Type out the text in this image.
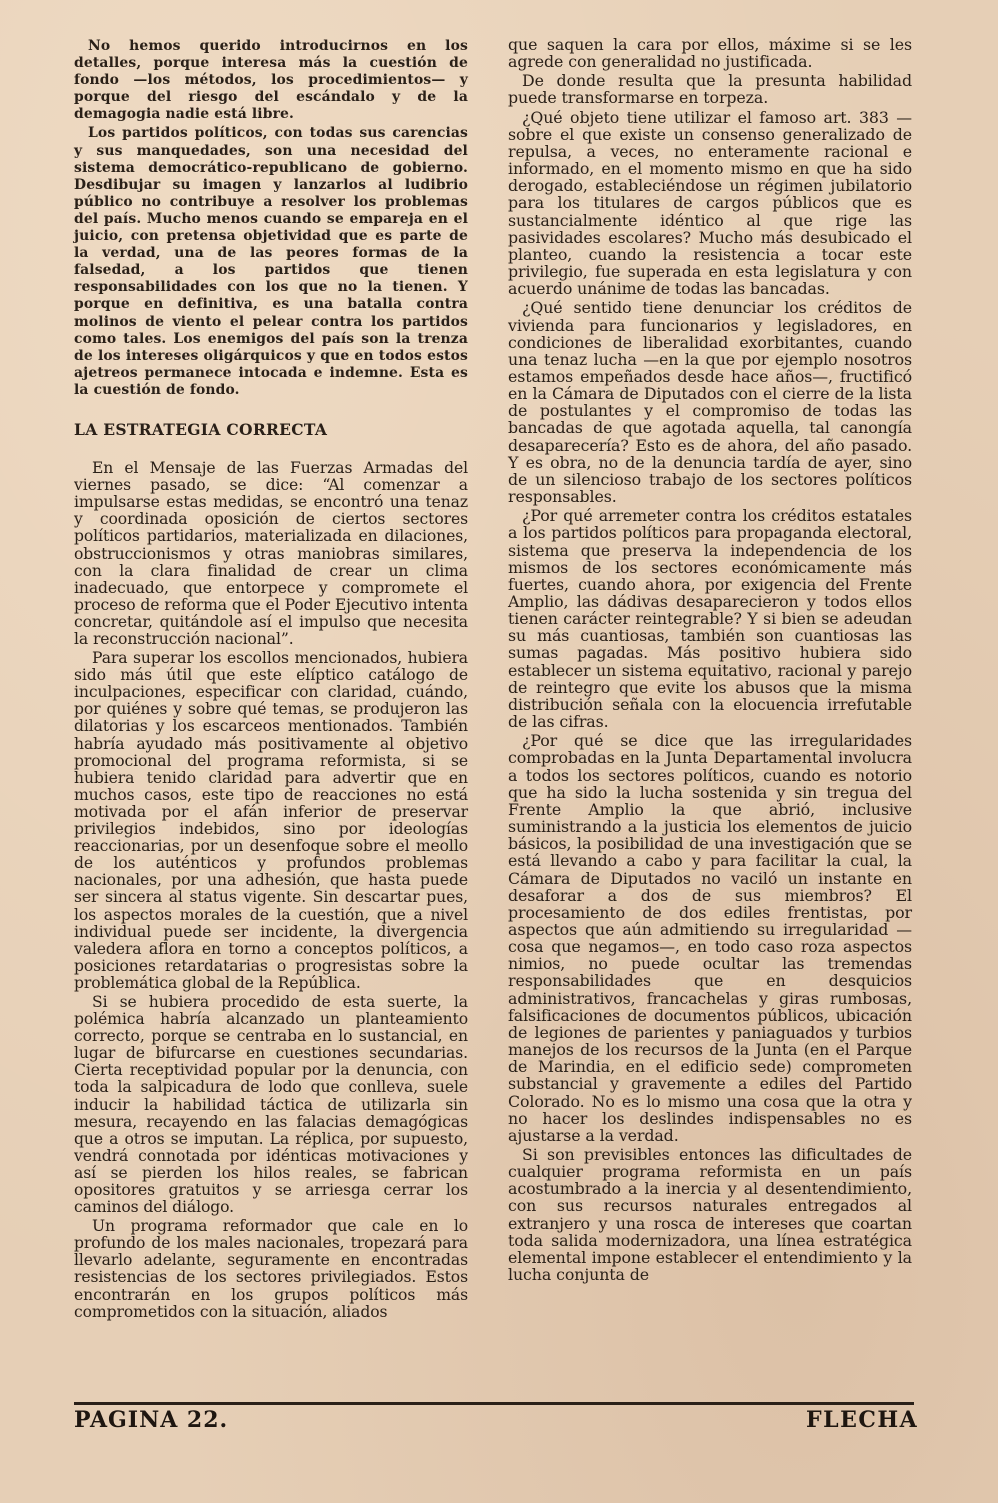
No hemos querido introducirnos en los detalles, porque interesa más la cuestión de fondo —los métodos, los procedimientos— y porque del riesgo del escándalo y de la demagogia nadie está libre.

Los partidos políticos, con todas sus carencias y sus manquedades, son una necesidad del sistema democrático-republicano de gobierno. Desdibujar su imagen y lanzarlos al ludibrio público no contribuye a resolver los problemas del país. Mucho menos cuando se empareja en el juicio, con pretensa objetividad que es parte de la verdad, una de las peores formas de la falsedad, a los partidos que tienen responsabilidades con los que no la tienen. Y porque en definitiva, es una batalla contra molinos de viento el pelear contra los partidos como tales. Los enemigos del país son la trenza de los intereses oligárquicos y que en todos estos ajetreos permanece intocada e indemne. Esta es la cuestión de fondo.

LA ESTRATEGIA CORRECTA

En el Mensaje de las Fuerzas Armadas del viernes pasado, se dice: “Al comenzar a impulsarse estas medidas, se encontró una tenaz y coordinada oposición de ciertos sectores políticos partidarios, materializada en dilaciones, obstruccionismos y otras maniobras similares, con la clara finalidad de crear un clima inadecuado, que entorpece y compromete el proceso de reforma que el Poder Ejecutivo intenta concretar, quitándole así el impulso que necesita la reconstrucción nacional”.

Para superar los escollos mencionados, hubiera sido más útil que este elíptico catálogo de inculpaciones, especificar con claridad, cuándo, por quiénes y sobre qué temas, se produjeron las dilatorias y los escarceos mentionados. También habría ayudado más positivamente al objetivo promocional del programa reformista, si se hubiera tenido claridad para advertir que en muchos casos, este tipo de reacciones no está motivada por el afán inferior de preservar privilegios indebidos, sino por ideologías reaccionarias, por un desenfoque sobre el meollo de los auténticos y profundos problemas nacionales, por una adhesión, que hasta puede ser sincera al status vigente. Sin descartar pues, los aspectos morales de la cuestión, que a nivel individual puede ser incidente, la divergencia valedera aflora en torno a conceptos políticos, a posiciones retardatarias o progresistas sobre la problemática global de la República.

Si se hubiera procedido de esta suerte, la polémica habría alcanzado un planteamiento correcto, porque se centraba en lo sustancial, en lugar de bifurcarse en cuestiones secundarias. Cierta receptividad popular por la denuncia, con toda la salpicadura de lodo que conlleva, suele inducir la habilidad táctica de utilizarla sin mesura, recayendo en las falacias demagógicas que a otros se imputan. La réplica, por supuesto, vendrá connotada por idénticas motivaciones y así se pierden los hilos reales, se fabrican opositores gratuitos y se arriesga cerrar los caminos del diálogo.

Un programa reformador que cale en lo profundo de los males nacionales, tropezará para llevarlo adelante, seguramente en encontradas resistencias de los sectores privilegiados. Estos encontrarán en los grupos políticos más comprometidos con la situación, aliados

que saquen la cara por ellos, máxime si se les agrede con generalidad no justificada.

De donde resulta que la presunta habilidad puede transformarse en torpeza.

¿Qué objeto tiene utilizar el famoso art. 383 —sobre el que existe un consenso generalizado de repulsa, a veces, no enteramente racional e informado, en el momento mismo en que ha sido derogado, estableciéndose un régimen jubilatorio para los titulares de cargos públicos que es sustancialmente idéntico al que rige las pasividades escolares? Mucho más desubicado el planteo, cuando la resistencia a tocar este privilegio, fue superada en esta legislatura y con acuerdo unánime de todas las bancadas.

¿Qué sentido tiene denunciar los créditos de vivienda para funcionarios y legisladores, en condiciones de liberalidad exorbitantes, cuando una tenaz lucha —en la que por ejemplo nosotros estamos empeñados desde hace años—, fructificó en la Cámara de Diputados con el cierre de la lista de postulantes y el compromiso de todas las bancadas de que agotada aquella, tal canongía desaparecería? Esto es de ahora, del año pasado. Y es obra, no de la denuncia tardía de ayer, sino de un silencioso trabajo de los sectores políticos responsables.

¿Por qué arremeter contra los créditos estatales a los partidos políticos para propaganda electoral, sistema que preserva la independencia de los mismos de los sectores económicamente más fuertes, cuando ahora, por exigencia del Frente Amplio, las dádivas desaparecieron y todos ellos tienen carácter reintegrable? Y si bien se adeudan su más cuantiosas, también son cuantiosas las sumas pagadas. Más positivo hubiera sido establecer un sistema equitativo, racional y parejo de reintegro que evite los abusos que la misma distribución señala con la elocuencia irrefutable de las cifras.

¿Por qué se dice que las irregularidades comprobadas en la Junta Departamental involucra a todos los sectores políticos, cuando es notorio que ha sido la lucha sostenida y sin tregua del Frente Amplio la que abrió, inclusive suministrando a la justicia los elementos de juicio básicos, la posibilidad de una investigación que se está llevando a cabo y para facilitar la cual, la Cámara de Diputados no vaciló un instante en desaforar a dos de sus miembros? El procesamiento de dos ediles frentistas, por aspectos que aún admitiendo su irregularidad —cosa que negamos—, en todo caso roza aspectos nimios, no puede ocultar las tremendas responsabilidades que en desquicios administrativos, francachelas y giras rumbosas, falsificaciones de documentos públicos, ubicación de legiones de parientes y paniaguados y turbios manejos de los recursos de la Junta (en el Parque de Marindia, en el edificio sede) comprometen substancial y gravemente a ediles del Partido Colorado. No es lo mismo una cosa que la otra y no hacer los deslindes indispensables no es ajustarse a la verdad.

Si son previsibles entonces las dificultades de cualquier programa reformista en un país acostumbrado a la inercia y al desentendimiento, con sus recursos naturales entregados al extranjero y una rosca de intereses que coartan toda salida modernizadora, una línea estratégica elemental impone establecer el entendimiento y la lucha conjunta de

PAGINA 22.	FLECHA
